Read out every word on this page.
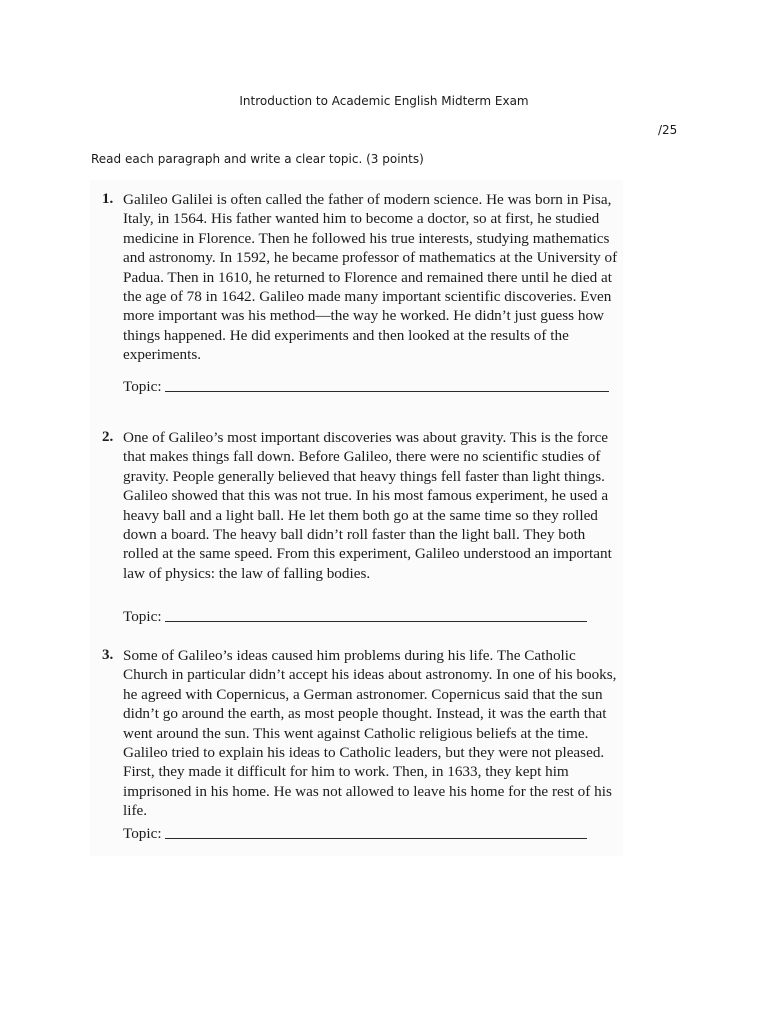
Introduction to Academic English Midterm Exam
/25
Read each paragraph and write a clear topic. (3 points)
1. Galileo Galilei is often called the father of modern science. He was born in Pisa, Italy, in 1564. His father wanted him to become a doctor, so at first, he studied medicine in Florence. Then he followed his true interests, studying mathematics and astronomy. In 1592, he became professor of mathematics at the University of Padua. Then in 1610, he returned to Florence and remained there until he died at the age of 78 in 1642. Galileo made many important scientific discoveries. Even more important was his method—the way he worked. He didn’t just guess how things happened. He did experiments and then looked at the results of the experiments.
Topic:
2. One of Galileo’s most important discoveries was about gravity. This is the force that makes things fall down. Before Galileo, there were no scientific studies of gravity. People generally believed that heavy things fell faster than light things. Galileo showed that this was not true. In his most famous experiment, he used a heavy ball and a light ball. He let them both go at the same time so they rolled down a board. The heavy ball didn’t roll faster than the light ball. They both rolled at the same speed. From this experiment, Galileo understood an important law of physics: the law of falling bodies.
Topic:
3. Some of Galileo’s ideas caused him problems during his life. The Catholic Church in particular didn’t accept his ideas about astronomy. In one of his books, he agreed with Copernicus, a German astronomer. Copernicus said that the sun didn’t go around the earth, as most people thought. Instead, it was the earth that went around the sun. This went against Catholic religious beliefs at the time. Galileo tried to explain his ideas to Catholic leaders, but they were not pleased. First, they made it difficult for him to work. Then, in 1633, they kept him imprisoned in his home. He was not allowed to leave his home for the rest of his life.
Topic:
